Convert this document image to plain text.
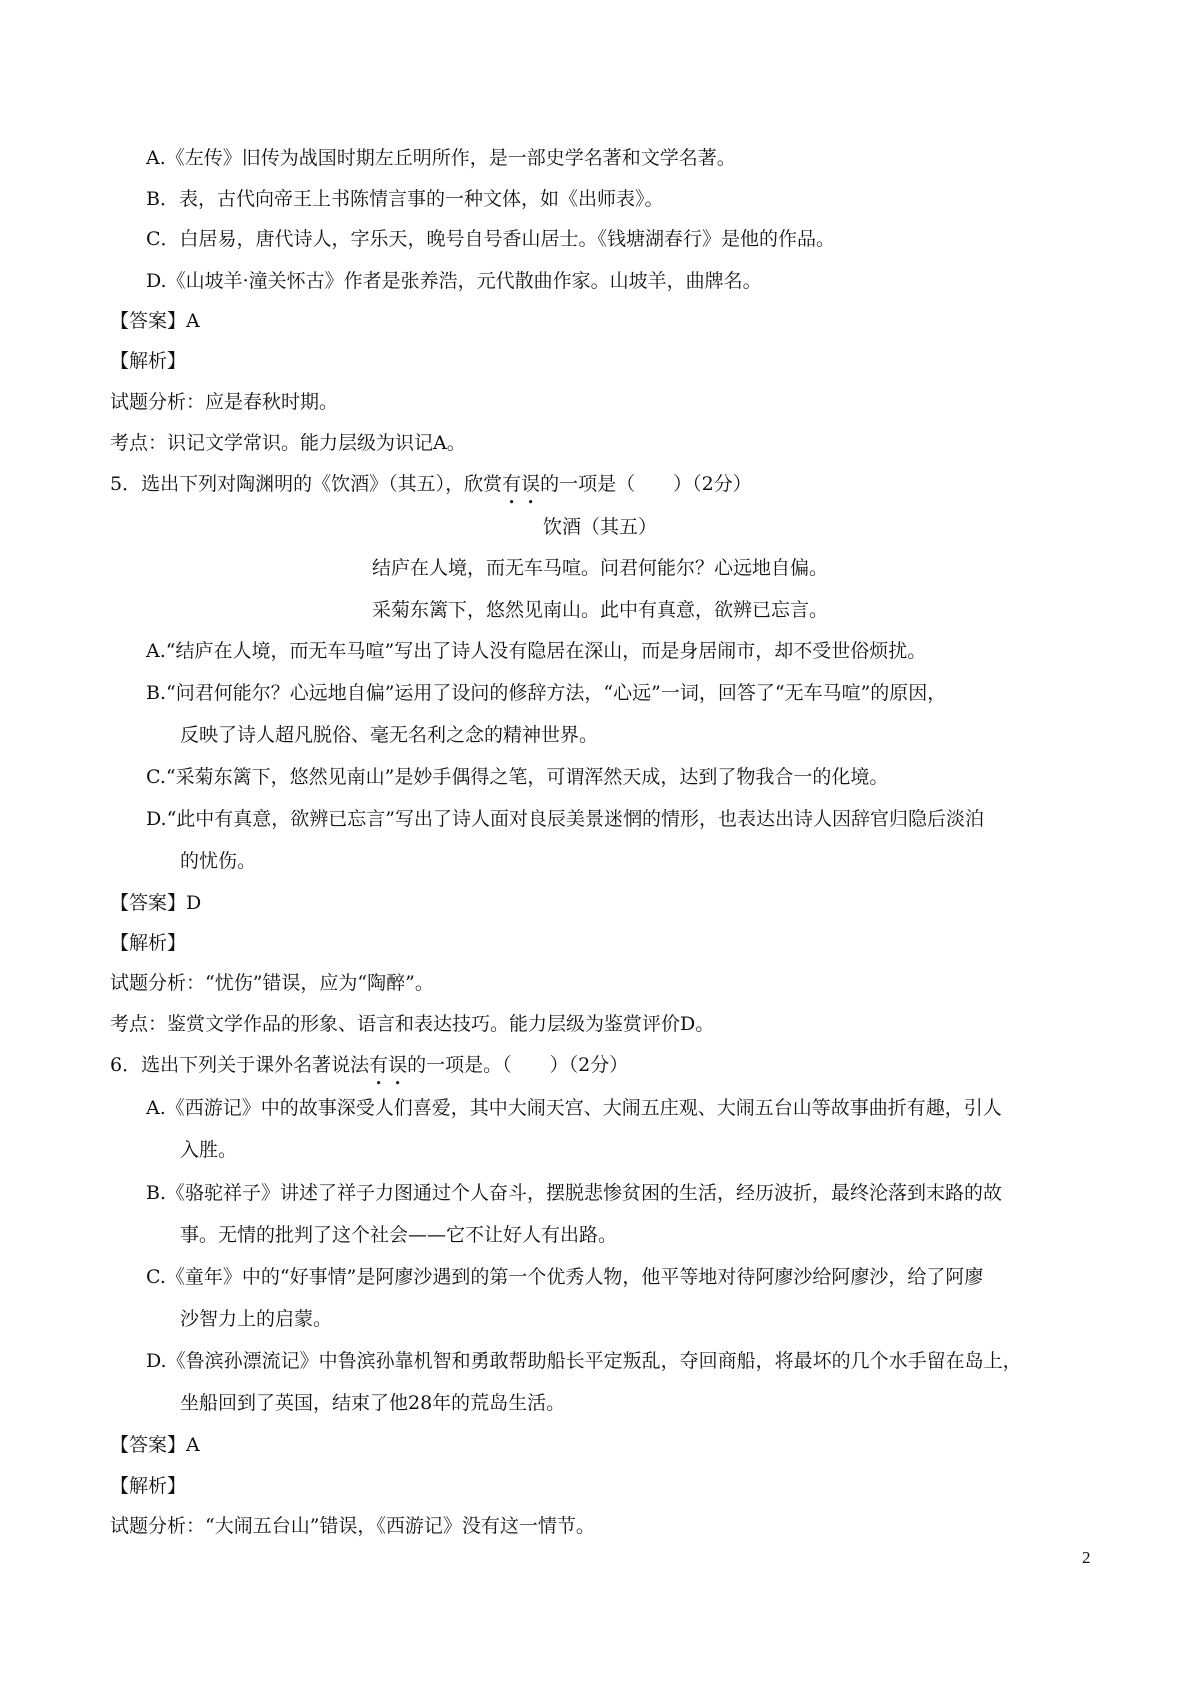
A.《左传》旧传为战国时期左丘明所作，是一部史学名著和文学名著。
B．表，古代向帝王上书陈情言事的一种文体，如《出师表》。
C．白居易，唐代诗人，字乐天，晚号自号香山居士。《钱塘湖春行》是他的作品。
D.《山坡羊·潼关怀古》作者是张养浩，元代散曲作家。山坡羊，曲牌名。
【答案】A
【解析】
试题分析：应是春秋时期。
考点：识记文学常识。能力层级为识记A。
5．选出下列对陶渊明的《饮酒》（其五），欣赏有误的一项是（　　）（2分）
饮酒（其五）
结庐在人境，而无车马喧。问君何能尔？心远地自偏。
采菊东篱下，悠然见南山。此中有真意，欲辨已忘言。
A.“结庐在人境，而无车马喧”写出了诗人没有隐居在深山，而是身居闹市，却不受世俗烦扰。
B.“问君何能尔？心远地自偏”运用了设问的修辞方法，“心远”一词，回答了“无车马喧”的原因，
反映了诗人超凡脱俗、毫无名利之念的精神世界。
C.“采菊东篱下，悠然见南山”是妙手偶得之笔，可谓浑然天成，达到了物我合一的化境。
D.“此中有真意，欲辨已忘言”写出了诗人面对良辰美景迷惘的情形，也表达出诗人因辞官归隐后淡泊
的忧伤。
【答案】D
【解析】
试题分析：“忧伤”错误，应为“陶醉”。
考点：鉴赏文学作品的形象、语言和表达技巧。能力层级为鉴赏评价D。
6．选出下列关于课外名著说法有误的一项是。（　　）（2分）
A.《西游记》中的故事深受人们喜爱，其中大闹天宫、大闹五庄观、大闹五台山等故事曲折有趣，引人
入胜。
B.《骆驼祥子》讲述了祥子力图通过个人奋斗，摆脱悲惨贫困的生活，经历波折，最终沦落到末路的故
事。无情的批判了这个社会——它不让好人有出路。
C.《童年》中的“好事情”是阿廖沙遇到的第一个优秀人物，他平等地对待阿廖沙给阿廖沙，给了阿廖
沙智力上的启蒙。
D.《鲁滨孙漂流记》中鲁滨孙靠机智和勇敢帮助船长平定叛乱，夺回商船，将最坏的几个水手留在岛上，
坐船回到了英国，结束了他28年的荒岛生活。
【答案】A
【解析】
试题分析：“大闹五台山”错误，《西游记》没有这一情节。
2
